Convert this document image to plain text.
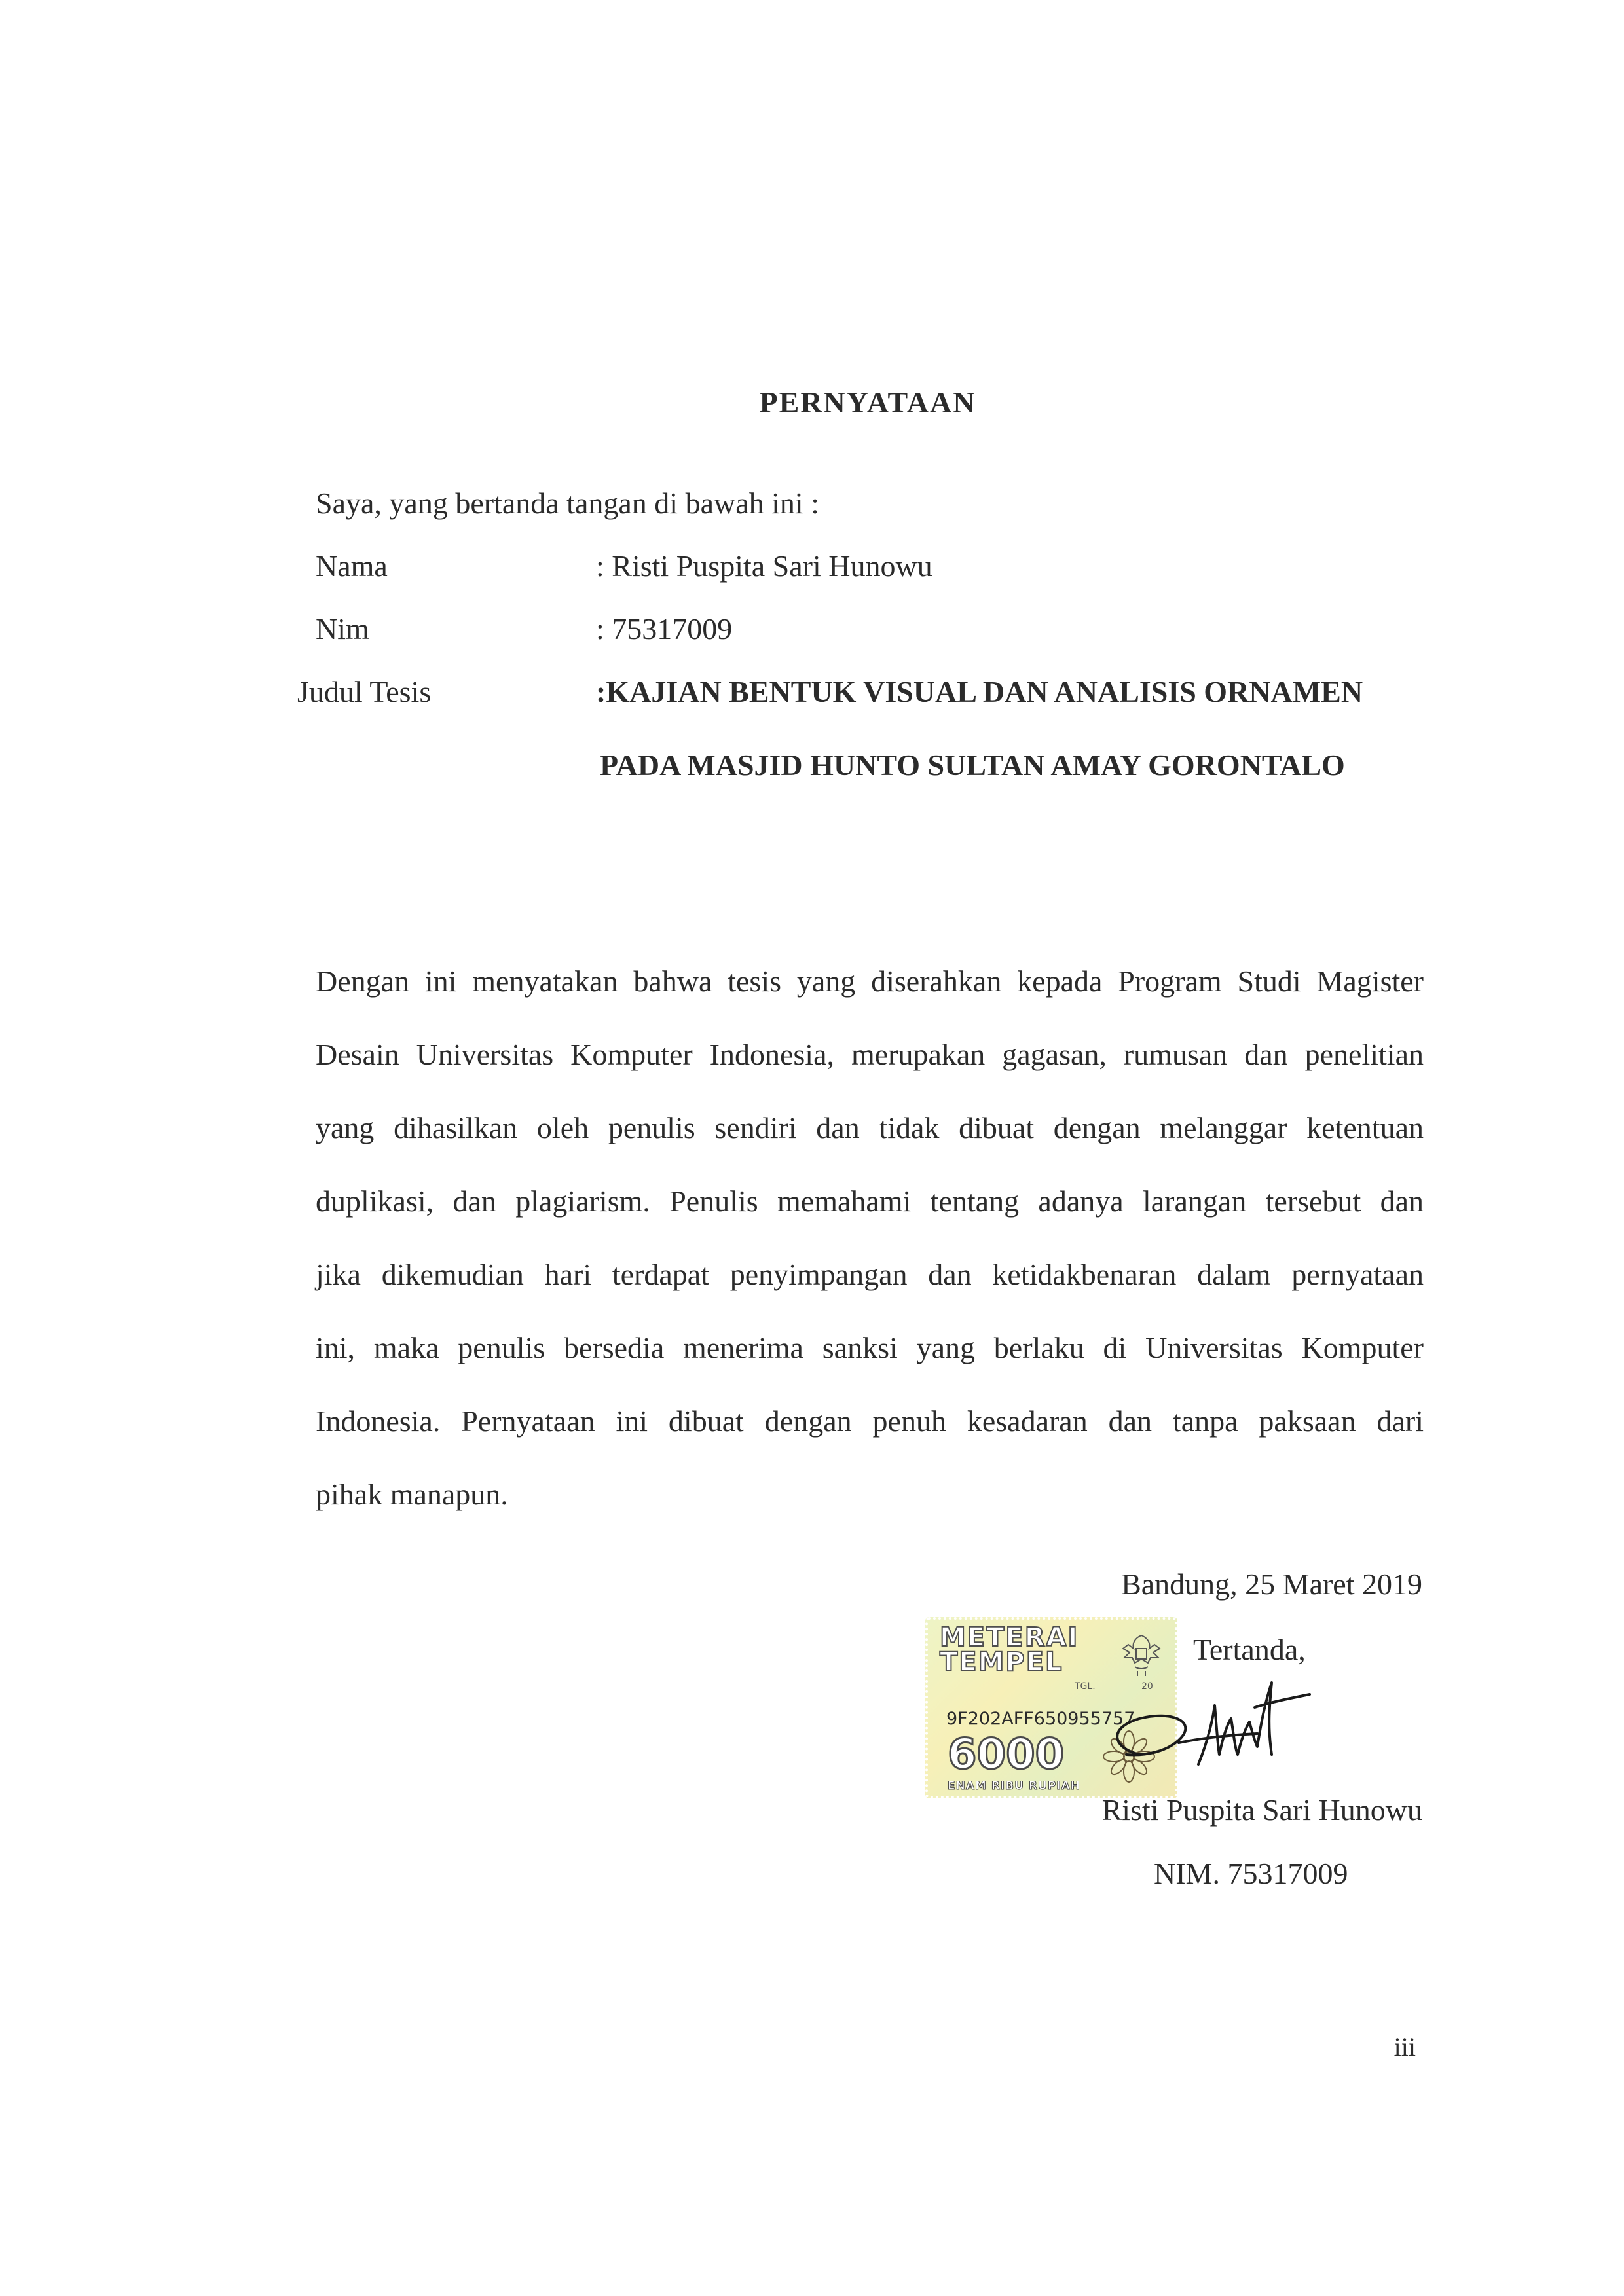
PERNYATAAN
Saya, yang bertanda tangan di bawah ini :
Nama	: Risti Puspita Sari Hunowu
Nim	: 75317009
Judul Tesis	:KAJIAN BENTUK VISUAL DAN ANALISIS ORNAMEN
PADA MASJID HUNTO SULTAN AMAY GORONTALO
Dengan ini menyatakan bahwa tesis yang diserahkan kepada Program Studi Magister
Desain Universitas Komputer Indonesia, merupakan gagasan, rumusan dan penelitian
yang dihasilkan oleh penulis sendiri dan tidak dibuat dengan melanggar ketentuan
duplikasi, dan plagiarism. Penulis memahami tentang adanya larangan tersebut dan
jika dikemudian hari terdapat penyimpangan dan ketidakbenaran dalam pernyataan
ini, maka penulis bersedia menerima sanksi yang berlaku di Universitas Komputer
Indonesia. Pernyataan ini dibuat dengan penuh kesadaran dan tanpa paksaan dari
pihak manapun.
Bandung, 25 Maret 2019
METERAI
TEMPEL
TGL.	20
9F202AFF650955757
6000
ENAM RIBU RUPIAH
Tertanda,
Risti Puspita Sari Hunowu
NIM. 75317009
iii
